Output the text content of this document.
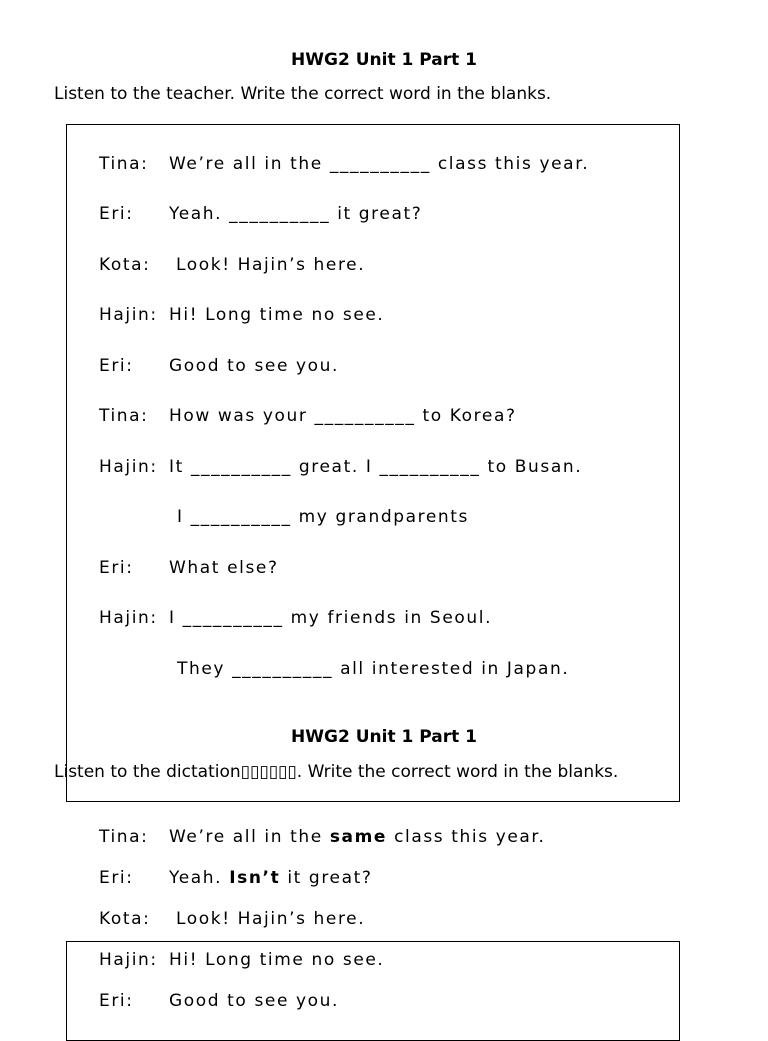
HWG2 Unit 1 Part 1

Listen to the teacher. Write the correct word in the blanks.

Tina: We’re all in the __________ class this year.

Eri: Yeah. __________ it great?

Kota: Look! Hajin’s here.

Hajin: Hi! Long time no see.

Eri: Good to see you.

Tina: How was your __________ to Korea?

Hajin: It __________ great. I __________ to Busan.

I __________ my grandparents

Eri: What else?

Hajin: I __________ my friends in Seoul.

They __________ all interested in Japan.

HWG2 Unit 1 Part 1

Listen to the dictation▯▯▯▯▯▯. Write the correct word in the blanks.

Tina: We’re all in the same class this year.

Eri: Yeah. Isn’t it great?

Kota: Look! Hajin’s here.

Hajin: Hi! Long time no see.

Eri: Good to see you.
